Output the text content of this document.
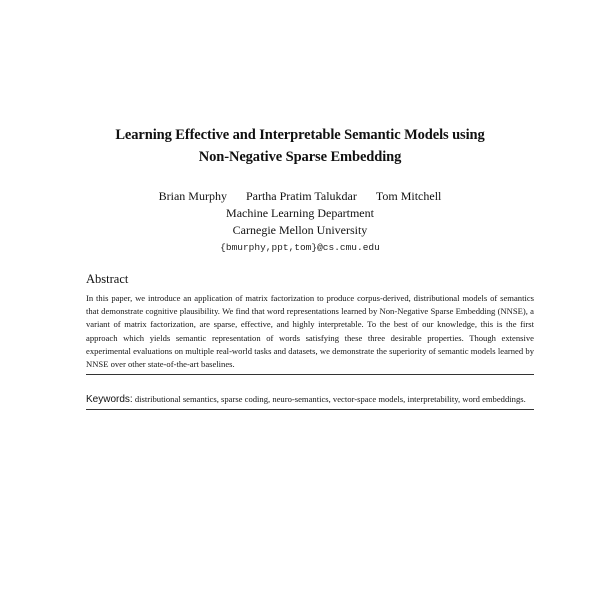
Learning Effective and Interpretable Semantic Models using
Non-Negative Sparse Embedding
Brian Murphy Partha Pratim Talukdar Tom Mitchell
Machine Learning Department
Carnegie Mellon University
{bmurphy,ppt,tom}@cs.cmu.edu
Abstract
In this paper, we introduce an application of matrix factorization to produce corpus-derived, distributional models of semantics that demonstrate cognitive plausibility. We find that word representations learned by Non-Negative Sparse Embedding (NNSE), a variant of matrix factorization, are sparse, effective, and highly interpretable. To the best of our knowledge, this is the first approach which yields semantic representation of words satisfying these three desirable properties. Though extensive experimental evaluations on multiple real-world tasks and datasets, we demonstrate the superiority of semantic models learned by NNSE over other state-of-the-art baselines.
Keywords: distributional semantics, sparse coding, neuro-semantics, vector-space models, interpretability, word embeddings.
